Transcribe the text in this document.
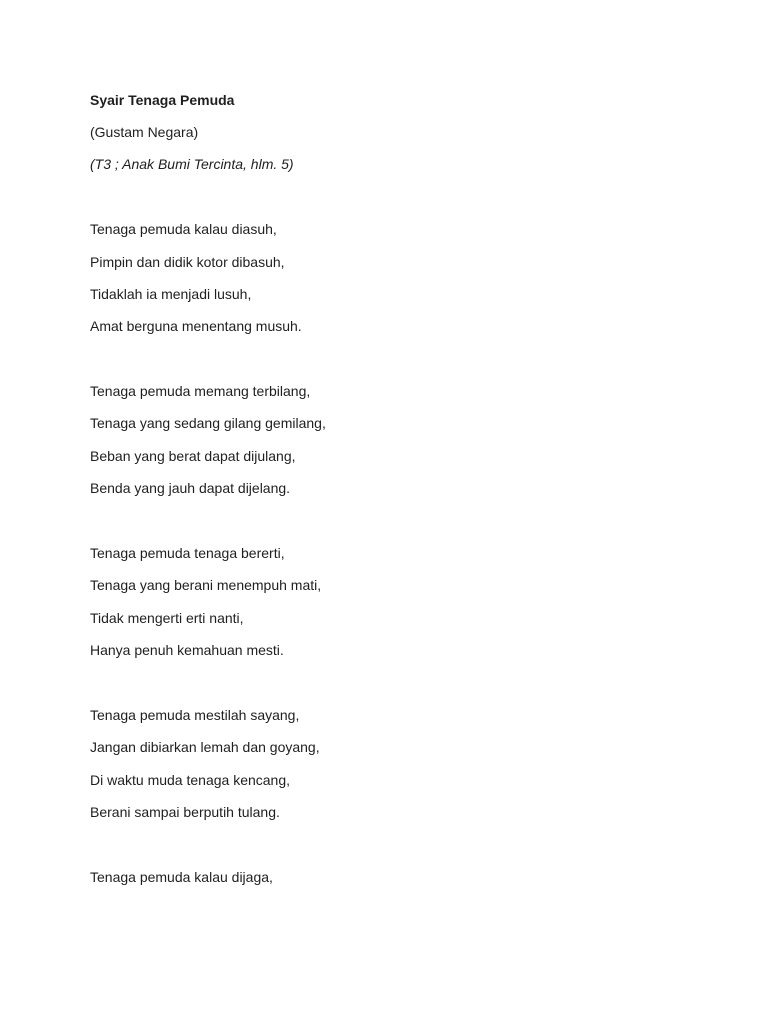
Syair Tenaga Pemuda
(Gustam Negara)
(T3 ; Anak Bumi Tercinta, hlm. 5)
Tenaga pemuda kalau diasuh,
Pimpin dan didik kotor dibasuh,
Tidaklah ia menjadi lusuh,
Amat berguna menentang musuh.
Tenaga pemuda memang terbilang,
Tenaga yang sedang gilang gemilang,
Beban yang berat dapat dijulang,
Benda yang jauh dapat dijelang.
Tenaga pemuda tenaga bererti,
Tenaga yang berani menempuh mati,
Tidak mengerti erti nanti,
Hanya penuh kemahuan mesti.
Tenaga pemuda mestilah sayang,
Jangan dibiarkan lemah dan goyang,
Di waktu muda tenaga kencang,
Berani sampai berputih tulang.
Tenaga pemuda kalau dijaga,
